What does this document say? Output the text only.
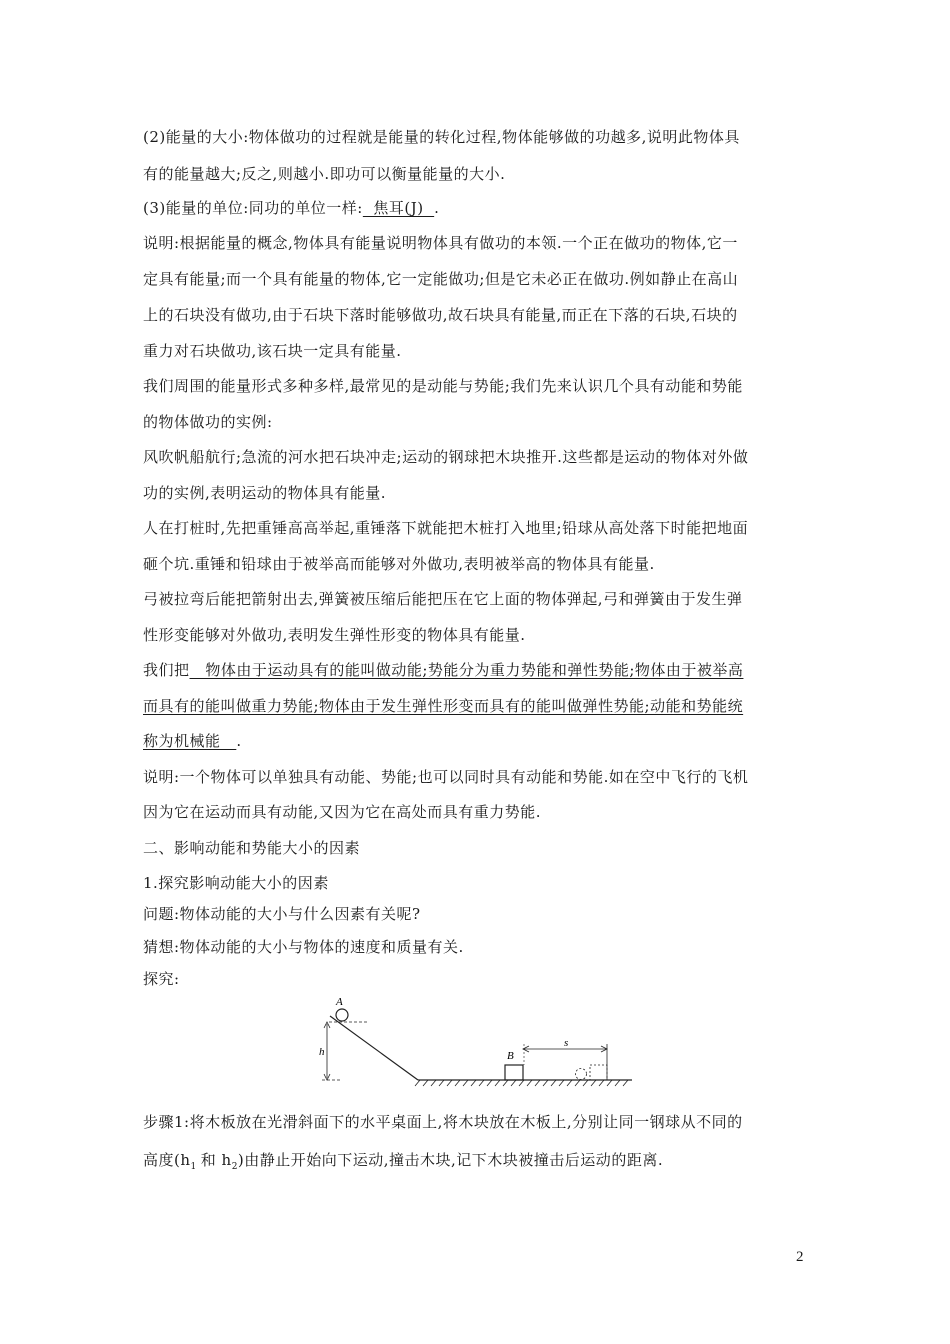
(2)能量的大小:物体做功的过程就是能量的转化过程,物体能够做的功越多,说明此物体具
有的能量越大;反之,则越小.即功可以衡量能量的大小.
(3)能量的单位:同功的单位一样:  焦耳(J)  .
说明:根据能量的概念,物体具有能量说明物体具有做功的本领.一个正在做功的物体,它一
定具有能量;而一个具有能量的物体,它一定能做功;但是它未必正在做功.例如静止在高山
上的石块没有做功,由于石块下落时能够做功,故石块具有能量,而正在下落的石块,石块的
重力对石块做功,该石块一定具有能量.
我们周围的能量形式多种多样,最常见的是动能与势能;我们先来认识几个具有动能和势能
的物体做功的实例:
风吹帆船航行;急流的河水把石块冲走;运动的钢球把木块推开.这些都是运动的物体对外做
功的实例,表明运动的物体具有能量.
人在打桩时,先把重锤高高举起,重锤落下就能把木桩打入地里;铅球从高处落下时能把地面
砸个坑.重锤和铅球由于被举高而能够对外做功,表明被举高的物体具有能量.
弓被拉弯后能把箭射出去,弹簧被压缩后能把压在它上面的物体弹起,弓和弹簧由于发生弹
性形变能够对外做功,表明发生弹性形变的物体具有能量.
我们把   物体由于运动具有的能叫做动能;势能分为重力势能和弹性势能;物体由于被举高
而具有的能叫做重力势能;物体由于发生弹性形变而具有的能叫做弹性势能;动能和势能统
称为机械能   .
说明:一个物体可以单独具有动能、势能;也可以同时具有动能和势能.如在空中飞行的飞机
因为它在运动而具有动能,又因为它在高处而具有重力势能.
二、影响动能和势能大小的因素
1.探究影响动能大小的因素
问题:物体动能的大小与什么因素有关呢?
猜想:物体动能的大小与物体的速度和质量有关.
探究:
A
h	B
s
步骤1:将木板放在光滑斜面下的水平桌面上,将木块放在木板上,分别让同一钢球从不同的
高度($h_1$ 和 $h_2$)由静止开始向下运动,撞击木块,记下木块被撞击后运动的距离.
2
